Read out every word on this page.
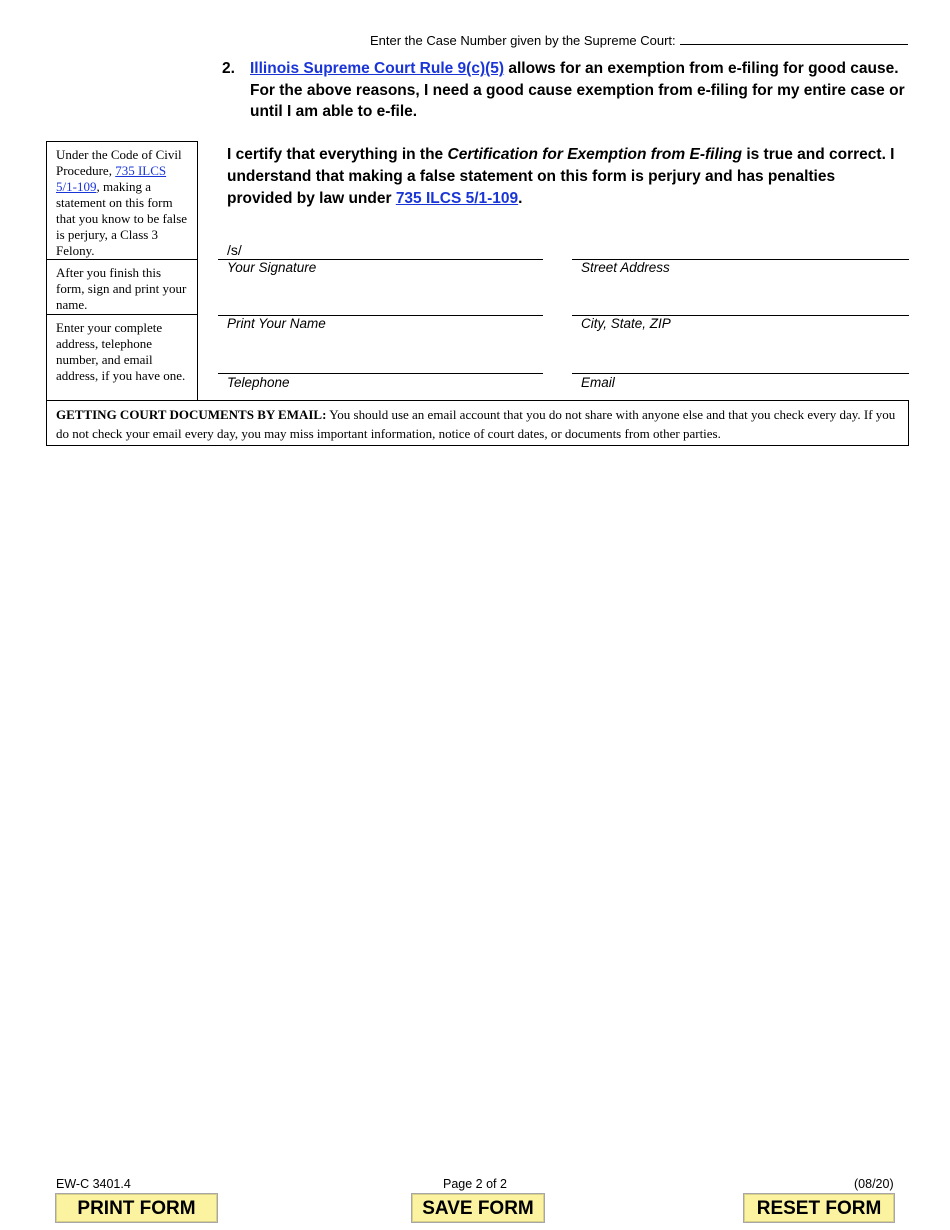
Enter the Case Number given by the Supreme Court:
2. Illinois Supreme Court Rule 9(c)(5) allows for an exemption from e-filing for good cause. For the above reasons, I need a good cause exemption from e-filing for my entire case or until I am able to e-file.
Under the Code of Civil Procedure, 735 ILCS 5/1-109, making a statement on this form that you know to be false is perjury, a Class 3 Felony.
After you finish this form, sign and print your name.
Enter your complete address, telephone number, and email address, if you have one.
I certify that everything in the Certification for Exemption from E-filing is true and correct. I understand that making a false statement on this form is perjury and has penalties provided by law under 735 ILCS 5/1-109.
/s/
Your Signature	Street Address
Print Your Name	City, State, ZIP
Telephone	Email
GETTING COURT DOCUMENTS BY EMAIL: You should use an email account that you do not share with anyone else and that you check every day. If you do not check your email every day, you may miss important information, notice of court dates, or documents from other parties.
EW-C 3401.4	Page 2 of 2	(08/20)
PRINT FORM	SAVE FORM	RESET FORM
